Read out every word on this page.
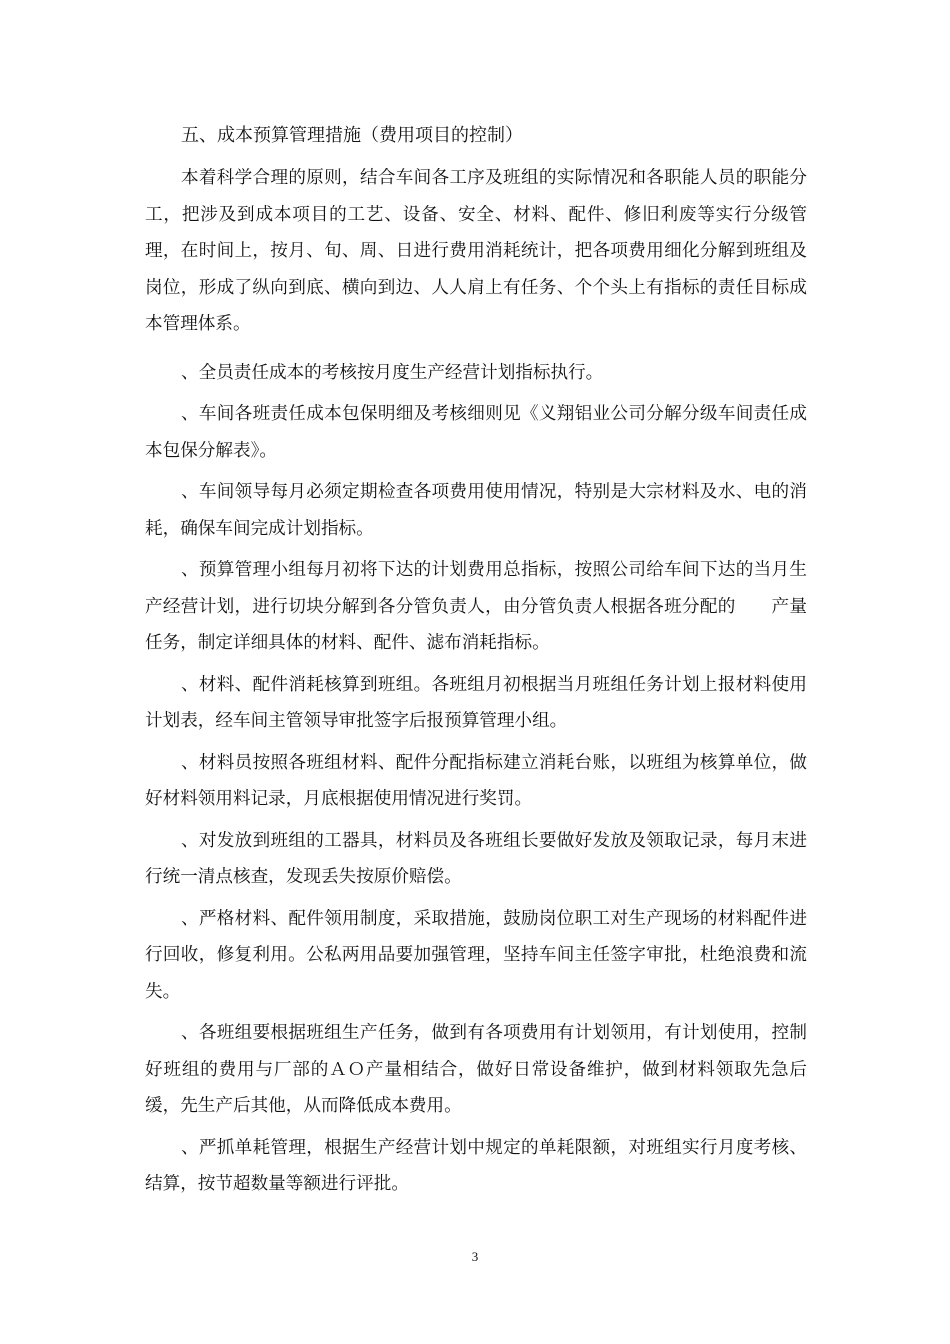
五、成本预算管理措施（费用项目的控制）

本着科学合理的原则，结合车间各工序及班组的实际情况和各职能人员的职能分工，把涉及到成本项目的工艺、设备、安全、材料、配件、修旧利废等实行分级管理，在时间上，按月、旬、周、日进行费用消耗统计，把各项费用细化分解到班组及岗位，形成了纵向到底、横向到边、人人肩上有任务、个个头上有指标的责任目标成本管理体系。

、全员责任成本的考核按月度生产经营计划指标执行。

、车间各班责任成本包保明细及考核细则见《义翔铝业公司分解分级车间责任成本包保分解表》。

、车间领导每月必须定期检查各项费用使用情况，特别是大宗材料及水、电的消耗，确保车间完成计划指标。

、预算管理小组每月初将下达的计划费用总指标，按照公司给车间下达的当月生产经营计划，进行切块分解到各分管负责人，由分管负责人根据各班分配的　　产量任务，制定详细具体的材料、配件、滤布消耗指标。

、材料、配件消耗核算到班组。各班组月初根据当月班组任务计划上报材料使用计划表，经车间主管领导审批签字后报预算管理小组。

、材料员按照各班组材料、配件分配指标建立消耗台账，以班组为核算单位，做好材料领用料记录，月底根据使用情况进行奖罚。

、对发放到班组的工器具，材料员及各班组长要做好发放及领取记录，每月末进行统一清点核查，发现丢失按原价赔偿。

、严格材料、配件领用制度，采取措施，鼓励岗位职工对生产现场的材料配件进行回收，修复利用。公私两用品要加强管理，坚持车间主任签字审批，杜绝浪费和流失。

、各班组要根据班组生产任务，做到有各项费用有计划领用，有计划使用，控制好班组的费用与厂部的ＡＯ产量相结合，做好日常设备维护，做到材料领取先急后缓，先生产后其他，从而降低成本费用。

、严抓单耗管理，根据生产经营计划中规定的单耗限额，对班组实行月度考核、结算，按节超数量等额进行评批。

3
